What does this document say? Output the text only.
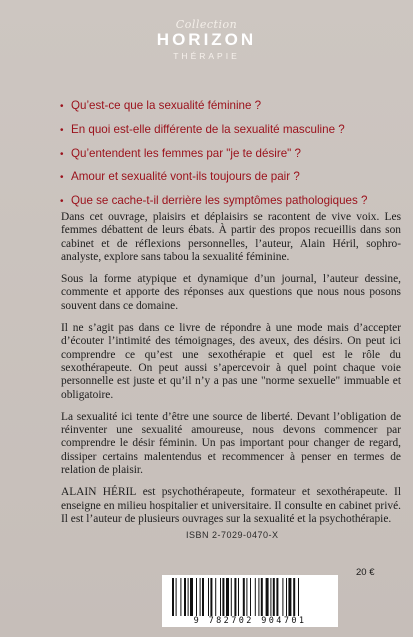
Collection
HORIZON
THÉRAPIE
• Qu’est-ce que la sexualité féminine ?
• En quoi est-elle différente de la sexualité masculine ?
• Qu’entendent les femmes par "je te désire" ?
• Amour et sexualité vont-ils toujours de pair ?
• Que se cache-t-il derrière les symptômes pathologiques ?

Dans cet ouvrage, plaisirs et déplaisirs se racontent de vive voix. Les femmes débattent de leurs ébats. À partir des propos recueillis dans son cabinet et de réflexions personnelles, l’auteur, Alain Héril, sophro-analyste, explore sans tabou la sexualité féminine.

Sous la forme atypique et dynamique d’un journal, l’auteur dessine, commente et apporte des réponses aux questions que nous nous posons souvent dans ce domaine.

Il ne s’agit pas dans ce livre de répondre à une mode mais d’accepter d’écouter l’intimité des témoignages, des aveux, des désirs. On peut ici comprendre ce qu’est une sexothérapie et quel est le rôle du sexothérapeute. On peut aussi s’apercevoir à quel point chaque voie personnelle est juste et qu’il n’y a pas une "norme sexuelle" immuable et obligatoire.

La sexualité ici tente d’être une source de liberté. Devant l’obligation de réinventer une sexualité amoureuse, nous devons commencer par comprendre le désir féminin. Un pas important pour changer de regard, dissiper certains malentendus et recommencer à penser en termes de relation de plaisir.

ALAIN HÉRIL est psychothérapeute, formateur et sexothérapeute. Il enseigne en milieu hospitalier et universitaire. Il consulte en cabinet privé. Il est l’auteur de plusieurs ouvrages sur la sexualité et la psychothérapie.

ISBN 2-7029-0470-X
20 €
9 782702 904701
